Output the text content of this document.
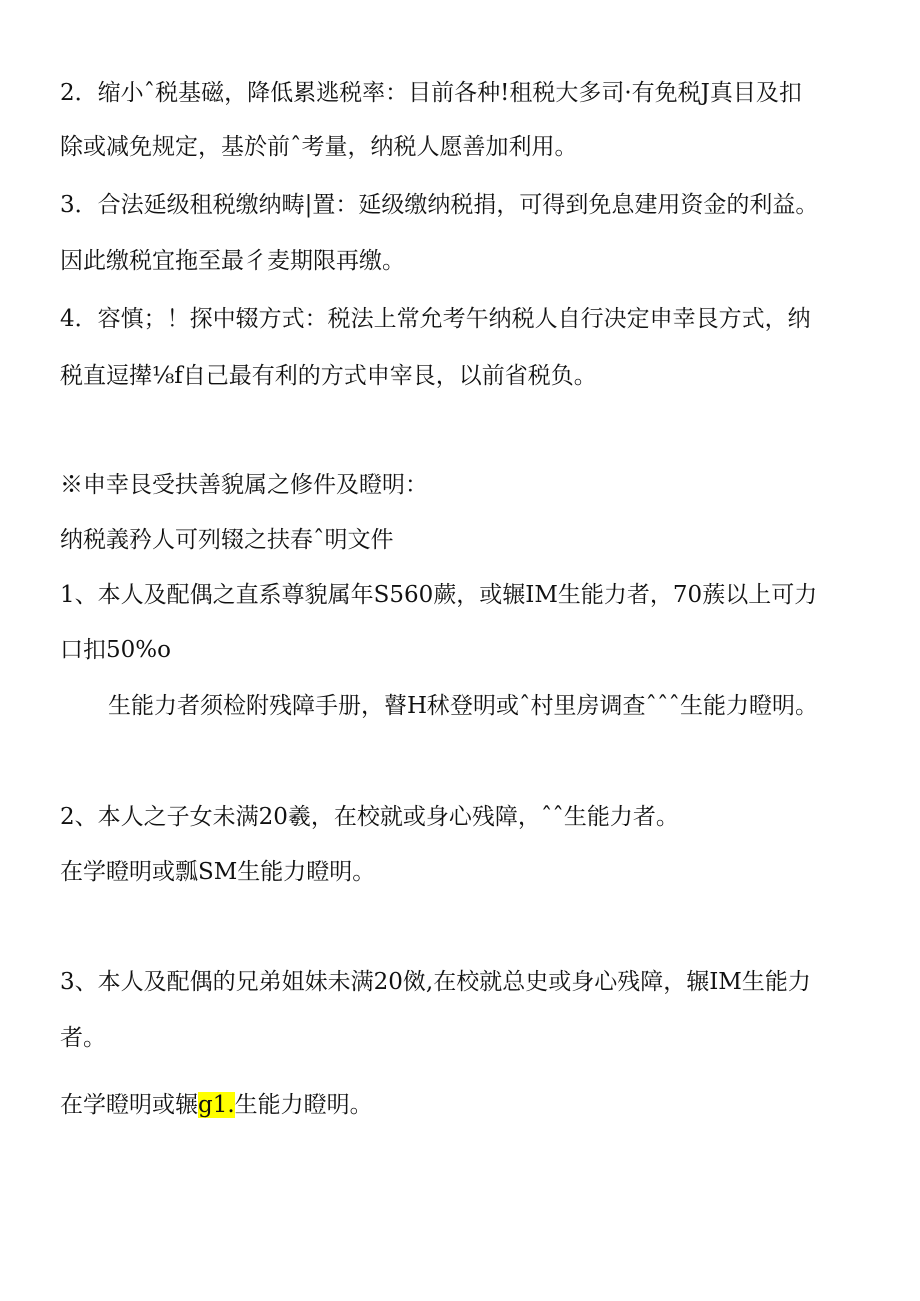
2．缩小ˆ税基磁，降低累逃税率：目前各种!租税大多司·有免税J真目及扣
除或减免规定，基於前ˆ考量，纳税人愿善加利用。
3．合法延级租税缴纳畴|置：延级缴纳税捐，可得到免息建用资金的利益。
因此缴税宜拖至最彳麦期限再缴。
4．容慎；！探中辍方式：税法上常允考午纳税人自行决定申幸艮方式，纳
税直逗撵⅛f自己最有利的方式申宰艮，以前省税负。
※申幸艮受扶善貌属之修件及瞪明：
纳税義矜人可列辍之扶春ˆ明文件
1、本人及配偶之直系尊貌属年S560蕨，或辗IM生能力者，70蔟以上可力
口扣50%o
生能力者须检附残障手册，瞽H秫登明或ˆ村里房调查ˆˆˆ生能力瞪明。
2、本人之子女未满20羲，在校就或身心残障，ˆˆ生能力者。
在学瞪明或瓢SM生能力瞪明。
3、本人及配偶的兄弟姐妹未满20傚,在校就总史或身心残障，辗IM生能力
者。
在学瞪明或辗g1.生能力瞪明。
